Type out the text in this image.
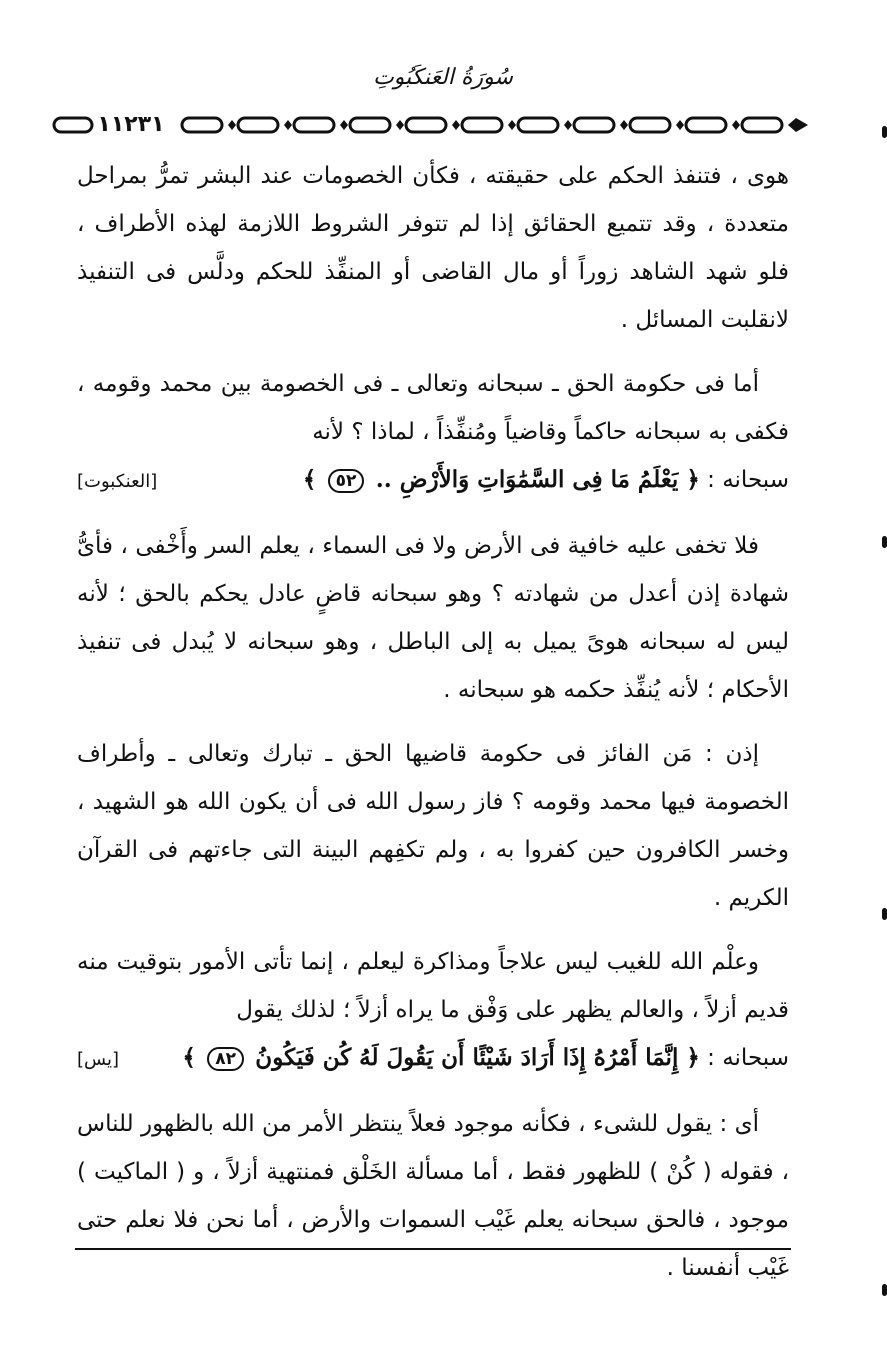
سُورَةُ العَنكَبُوتِ
١١٢٣١

هوى ، فتنفذ الحكم على حقيقته ، فكأن الخصومات عند البشر تمرُّ بمراحل متعددة ، وقد تتميع الحقائق إذا لم تتوفر الشروط اللازمة لهذه الأطراف ، فلو شهد الشاهد زوراً أو مال القاضى أو المنفِّذ للحكم ودلَّس فى التنفيذ لانقلبت المسائل .

أما فى حكومة الحق ـ سبحانه وتعالى ـ فى الخصومة بين محمد وقومه ، فكفى به سبحانه حاكماً وقاضياً ومُنفِّذاً ، لماذا ؟ لأنه
سبحانه : ﴿ يَعْلَمُ مَا فِى السَّمَٰوَاتِ وَالأَرْضِ .. ٥٢ ﴾
[العنكبوت]

فلا تخفى عليه خافية فى الأرض ولا فى السماء ، يعلم السر وأَخْفى ، فأىُّ شهادة إذن أعدل من شهادته ؟ وهو سبحانه قاضٍ عادل يحكم بالحق ؛ لأنه ليس له سبحانه هوىً يميل به إلى الباطل ، وهو سبحانه لا يُبدل فى تنفيذ الأحكام ؛ لأنه يُنفِّذ حكمه هو سبحانه .

إذن : مَن الفائز فى حكومة قاضيها الحق ـ تبارك وتعالى ـ وأطراف الخصومة فيها محمد وقومه ؟ فاز رسول الله فى أن يكون الله هو الشهيد ، وخسر الكافرون حين كفروا به ، ولم تكفِهم البينة التى جاءتهم فى القرآن الكريم .

وعلْم الله للغيب ليس علاجاً ومذاكرة ليعلم ، إنما تأتى الأمور بتوقيت منه قديم أزلاً ، والعالم يظهر على وَفْق ما يراه أزلاً ؛ لذلك يقول
سبحانه : ﴿ إِنَّمَا أَمْرُهُ إِذَا أَرَادَ شَيْئًا أَن يَقُولَ لَهُ كُن فَيَكُونُ ٨٢ ﴾
[يس]

أى : يقول للشىء ، فكأنه موجود فعلاً ينتظر الأمر من الله بالظهور للناس ، فقوله ( كُنْ ) للظهور فقط ، أما مسألة الخَلْق فمنتهية أزلاً ، و ( الماكيت ) موجود ، فالحق سبحانه يعلم غَيْب السموات والأرض ، أما نحن فلا نعلم حتى غَيْب أنفسنا .
